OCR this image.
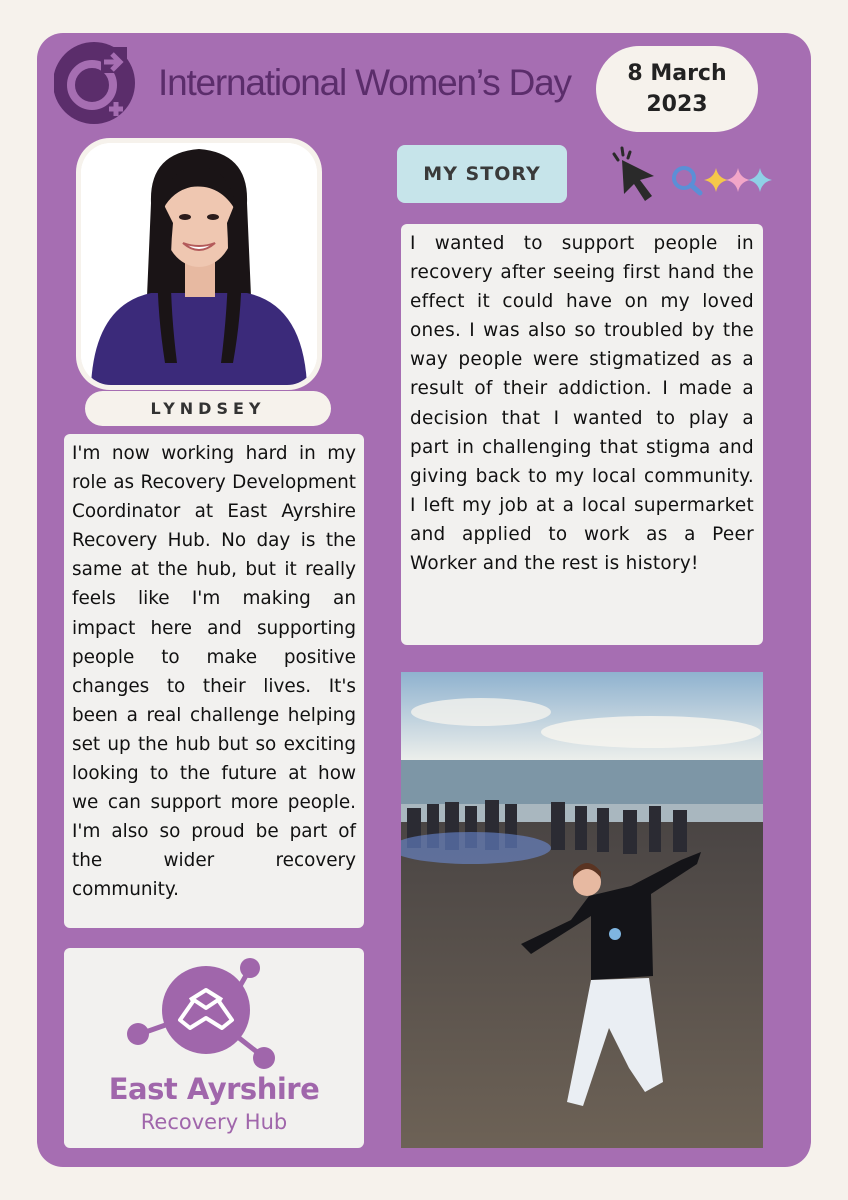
International Women’s Day	8 March
2023
LYNDSEY
MY STORY
I wanted to support people in recovery after seeing first hand the effect it could have on my loved ones. I was also so troubled by the way people were stigmatized as a result of their addiction. I made a decision that I wanted to play a part in challenging that stigma and giving back to my local community. I left my job at a local supermarket and applied to work as a Peer Worker and the rest is history!
I'm now working hard in my role as Recovery Development Coordinator at East Ayrshire Recovery Hub. No day is the same at the hub, but it really feels like I'm making an impact here and supporting people to make positive changes to their lives. It's been a real challenge helping set up the hub but so exciting looking to the future at how we can support more people. I'm also so proud be part of the wider recovery community.
East Ayrshire
Recovery Hub
